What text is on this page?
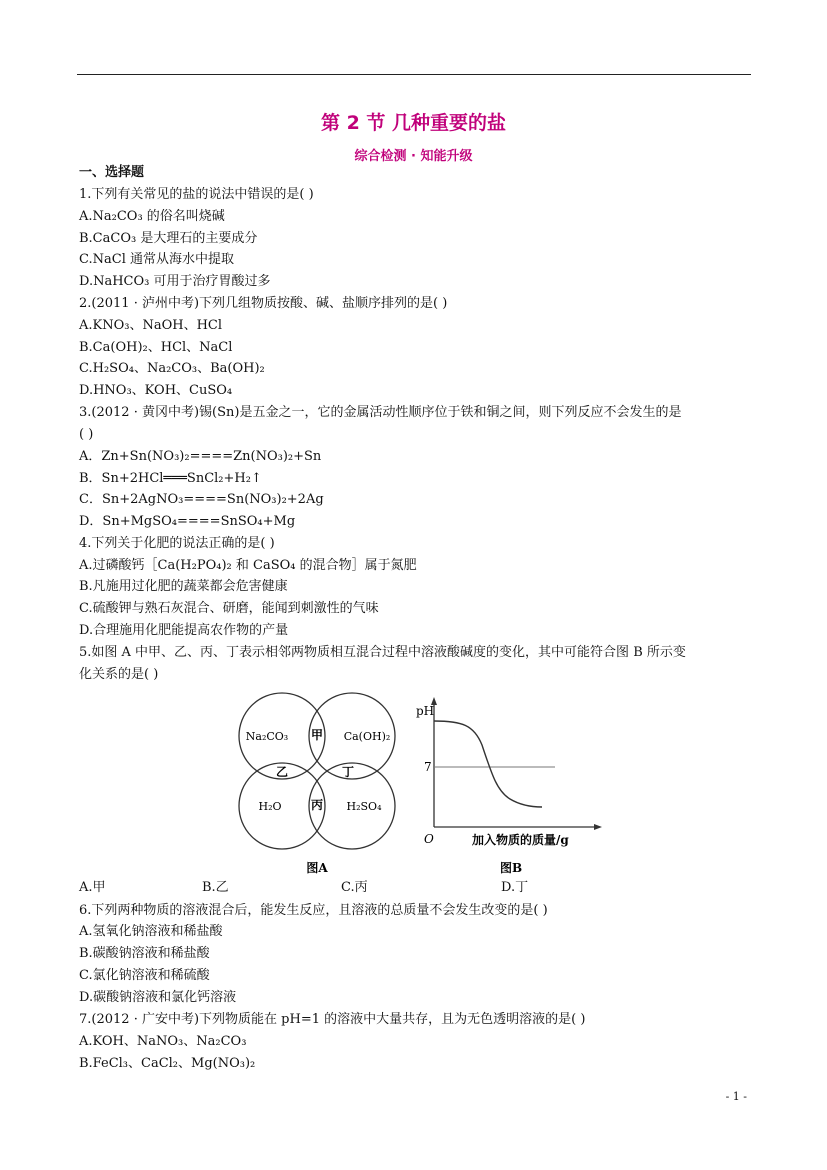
第 2 节 几种重要的盐
综合检测 · 知能升级
一、选择题
1.下列有关常见的盐的说法中错误的是( )
A.Na₂CO₃ 的俗名叫烧碱
B.CaCO₃ 是大理石的主要成分
C.NaCl 通常从海水中提取
D.NaHCO₃ 可用于治疗胃酸过多
2.(2011 · 泸州中考)下列几组物质按酸、碱、盐顺序排列的是( )
A.KNO₃、NaOH、HCl
B.Ca(OH)₂、HCl、NaCl
C.H₂SO₄、Na₂CO₃、Ba(OH)₂
D.HNO₃、KOH、CuSO₄
3.(2012 · 黄冈中考)锡(Sn)是五金之一，它的金属活动性顺序位于铁和铜之间，则下列反应不会发生的是
( )
A．Zn+Sn(NO₃)₂====Zn(NO₃)₂+Sn
B．Sn+2HCl═══SnCl₂+H₂↑
C．Sn+2AgNO₃====Sn(NO₃)₂+2Ag
D．Sn+MgSO₄====SnSO₄+Mg
4.下列关于化肥的说法正确的是( )
A.过磷酸钙［Ca(H₂PO₄)₂ 和 CaSO₄ 的混合物］属于氮肥
B.凡施用过化肥的蔬菜都会危害健康
C.硫酸钾与熟石灰混合、研磨，能闻到刺激性的气味
D.合理施用化肥能提高农作物的产量
5.如图 A 中甲、乙、丙、丁表示相邻两物质相互混合过程中溶液酸碱度的变化，其中可能符合图 B 所示变
化关系的是( )
Na₂CO₃	Ca(OH)₂
H₂O	H₂SO₄
甲
乙	丁
丙
图A
pH
7
O	加入物质的质量/g
图B
A.甲	B.乙	C.丙	D.丁
6.下列两种物质的溶液混合后，能发生反应，且溶液的总质量不会发生改变的是( )
A.氢氧化钠溶液和稀盐酸
B.碳酸钠溶液和稀盐酸
C.氯化钠溶液和稀硫酸
D.碳酸钠溶液和氯化钙溶液
7.(2012 · 广安中考)下列物质能在 pH=1 的溶液中大量共存，且为无色透明溶液的是( )
A.KOH、NaNO₃、Na₂CO₃
B.FeCl₃、CaCl₂、Mg(NO₃)₂
- 1 -
